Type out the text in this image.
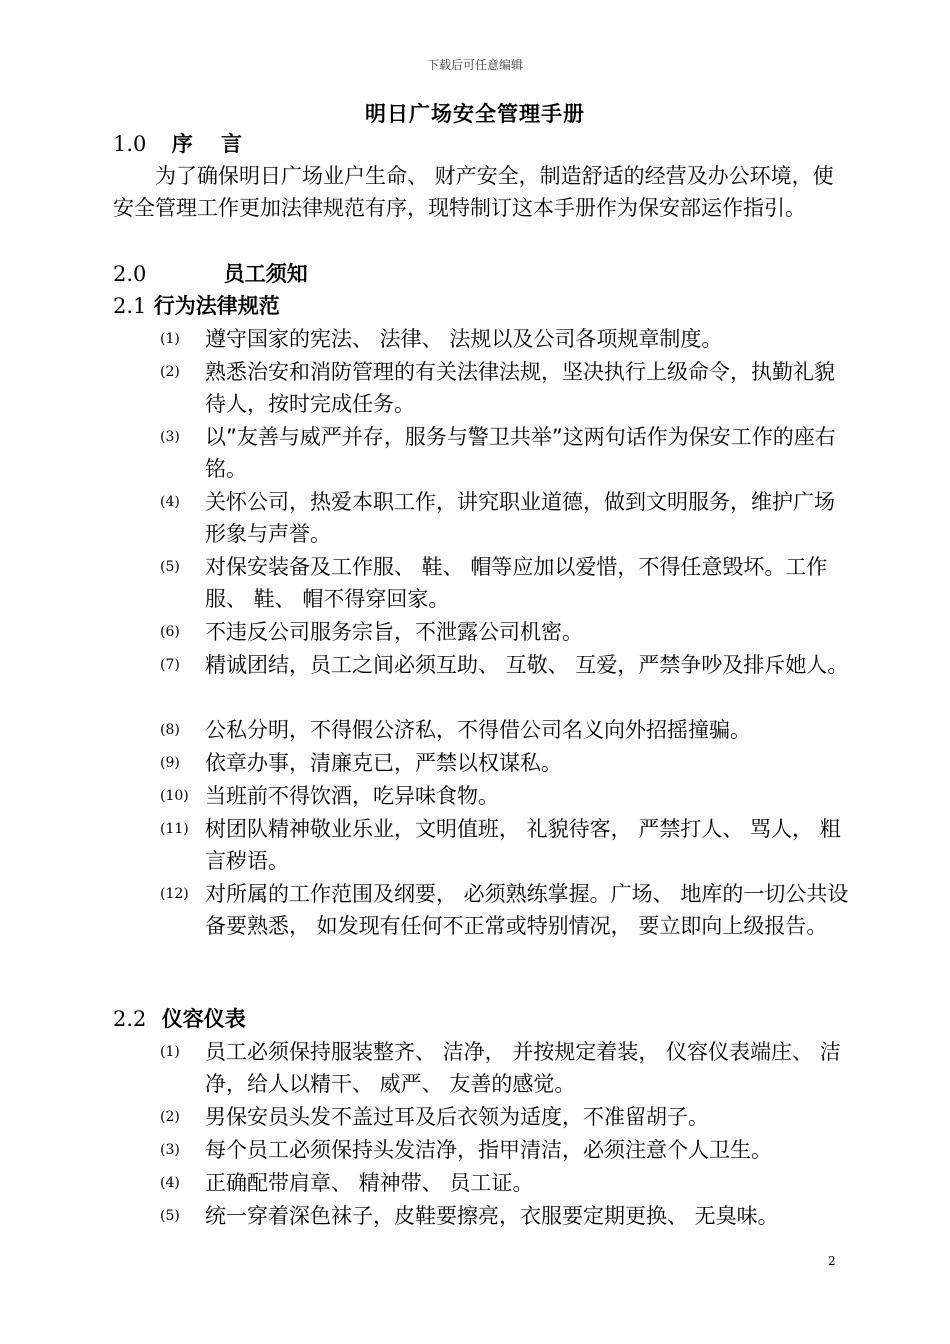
下载后可任意编辑
明日广场安全管理手册
1.0 序　 言
　　为了确保明日广场业户生命、 财产安全，制造舒适的经营及办公环境，使安全管理工作更加法律规范有序，现特制订这本手册作为保安部运作指引。
2.0	员工须知
2.1 行为法律规范
(1) 遵守国家的宪法、 法律、 法规以及公司各项规章制度。
(2) 熟悉治安和消防管理的有关法律法规，坚决执行上级命令，执勤礼貌待人，按时完成任务。
(3) 以”友善与威严并存，服务与警卫共举”这两句话作为保安工作的座右铭。
(4) 关怀公司，热爱本职工作，讲究职业道德，做到文明服务，维护广场形象与声誉。
(5) 对保安装备及工作服、 鞋、 帽等应加以爱惜，不得任意毁坏。工作服、 鞋、 帽不得穿回家。
(6) 不违反公司服务宗旨，不泄露公司机密。
(7) 精诚团结，员工之间必须互助、 互敬、 互爱，严禁争吵及排斥她人。
(8) 公私分明，不得假公济私，不得借公司名义向外招摇撞骗。
(9) 依章办事，清廉克已，严禁以权谋私。
(10) 当班前不得饮酒，吃异味食物。
(11) 树团队精神敬业乐业，文明值班， 礼貌待客， 严禁打人、 骂人， 粗言秽语。
(12) 对所属的工作范围及纲要， 必须熟练掌握。广场、 地库的一切公共设备要熟悉， 如发现有任何不正常或特别情况， 要立即向上级报告。
2.2 仪容仪表
(1) 员工必须保持服装整齐、 洁净， 并按规定着装， 仪容仪表端庄、 洁净，给人以精干、 威严、 友善的感觉。
(2) 男保安员头发不盖过耳及后衣领为适度，不准留胡子。
(3) 每个员工必须保持头发洁净，指甲清洁，必须注意个人卫生。
(4) 正确配带肩章、 精神带、 员工证。
(5) 统一穿着深色袜子，皮鞋要擦亮，衣服要定期更换、 无臭味。
2
